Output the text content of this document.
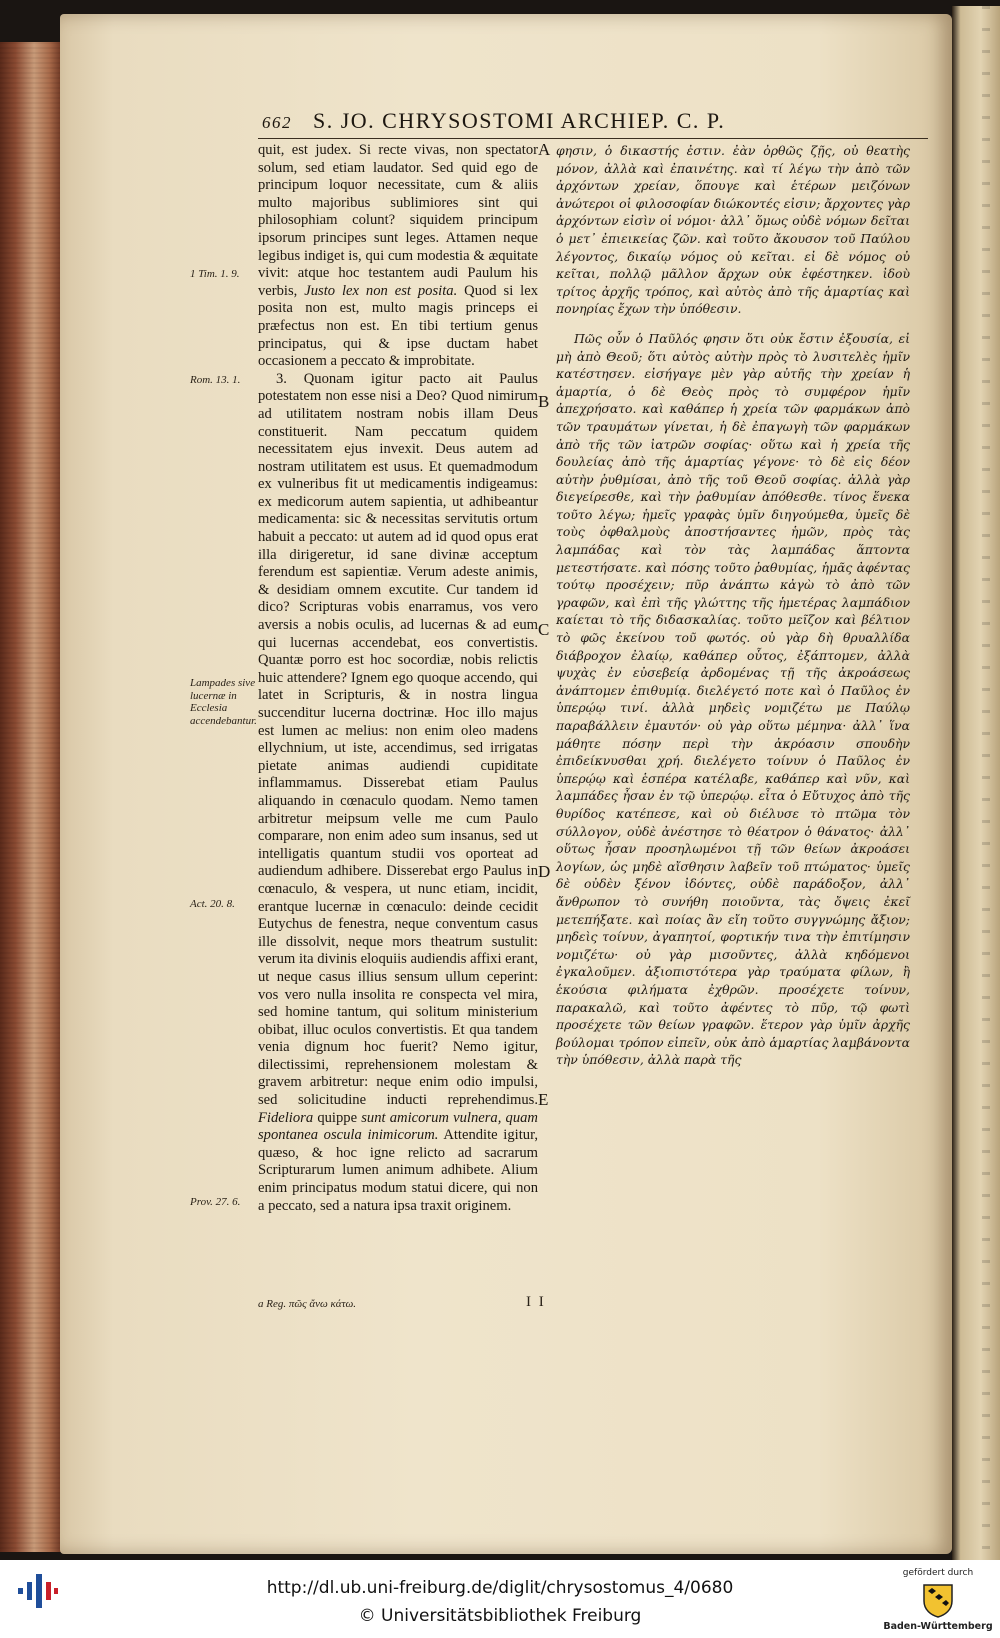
662 S. JO. CHRYSOSTOMI ARCHIEP. C. P.

quit, est judex. Si recte vivas, non spectator solum, sed etiam laudator. Sed quid ego de principum loquor necessitate, cum & aliis multo majoribus sublimiores sint qui philosophiam colunt? siquidem principum ipsorum principes sunt leges. Attamen neque legibus indiget is, qui cum modestia & æquitate vivit: atque hoc testantem audi Paulum his verbis, Justo lex non est posita. Quod si lex posita non est, multo magis princeps ei præfectus non est. En tibi tertium genus principatus, qui & ipse ductam habet occasionem a peccato & improbitate.

3. Quonam igitur pacto ait Paulus potestatem non esse nisi a Deo? Quod nimirum ad utilitatem nostram nobis illam Deus constituerit. Nam peccatum quidem necessitatem ejus invexit. Deus autem ad nostram utilitatem est usus. Et quemadmodum ex vulneribus fit ut medicamentis indigeamus: ex medicorum autem sapientia, ut adhibeantur medicamenta: sic & necessitas servitutis ortum habuit a peccato: ut autem ad id quod opus erat illa dirigeretur, id sane divinæ acceptum ferendum est sapientiæ. Verum adeste animis, & desidiam omnem excutite. Cur tandem id dico? Scripturas vobis enarramus, vos vero aversis a nobis oculis, ad lucernas & ad eum qui lucernas accendebat, eos convertistis. Quantæ porro est hoc socordiæ, nobis relictis huic attendere? Ignem ego quoque accendo, qui latet in Scripturis, & in nostra lingua succenditur lucerna doctrinæ. Hoc illo majus est lumen ac melius: non enim oleo madens ellychnium, ut iste, accendimus, sed irrigatas pietate animas audiendi cupiditate inflammamus. Disserebat etiam Paulus aliquando in cœnaculo quodam. Nemo tamen arbitretur meipsum velle me cum Paulo comparare, non enim adeo sum insanus, sed ut intelligatis quantum studii vos oporteat ad audiendum adhibere. Disserebat ergo Paulus in cœnaculo, & vespera, ut nunc etiam, incidit, erantque lucernæ in cœnaculo: deinde cecidit Eutychus de fenestra, neque conventum casus ille dissolvit, neque mors theatrum sustulit: verum ita divinis eloquiis audiendis affixi erant, ut neque casus illius sensum ullum ceperint: vos vero nulla insolita re conspecta vel mira, sed homine tantum, qui solitum ministerium obibat, illuc oculos convertistis. Et qua tandem venia dignum hoc fuerit? Nemo igitur, dilectissimi, reprehensionem molestam & gravem arbitretur: neque enim odio impulsi, sed solicitudine inducti reprehendimus. Fideliora quippe sunt amicorum vulnera, quam spontanea oscula inimicorum. Attendite igitur, quæso, & hoc igne relicto ad sacrarum Scripturarum lumen animum adhibete. Alium enim principatus modum statui dicere, qui non a peccato, sed a natura ipsa traxit originem.

φησιν, ὁ δικαστής ἐστιν. ἐὰν ὀρθῶς ζῇς, οὐ θεατὴς μόνον, ἀλλὰ καὶ ἐπαινέτης. καὶ τί λέγω τὴν ἀπὸ τῶν ἀρχόντων χρείαν, ὅπουγε καὶ ἑτέρων μειζόνων ἀνώτεροι οἱ φιλοσοφίαν διώκοντές εἰσιν; ἄρχοντες γὰρ ἀρχόντων εἰσὶν οἱ νόμοι· ἀλλ᾽ ὅμως οὐδὲ νόμων δεῖται ὁ μετ᾽ ἐπιεικείας ζῶν. καὶ τοῦτο ἄκουσον τοῦ Παύλου λέγοντος, δικαίῳ νόμος οὐ κεῖται. εἰ δὲ νόμος οὐ κεῖται, πολλῷ μᾶλλον ἄρχων οὐκ ἐφέστηκεν. ἰδοὺ τρίτος ἀρχῆς τρόπος, καὶ αὐτὸς ἀπὸ τῆς ἁμαρτίας καὶ πονηρίας ἔχων τὴν ὑπόθεσιν.

Πῶς οὖν ὁ Παῦλός φησιν ὅτι οὐκ ἔστιν ἐξουσία, εἰ μὴ ἀπὸ Θεοῦ; ὅτι αὐτὸς αὐτὴν πρὸς τὸ λυσιτελὲς ἡμῖν κατέστησεν. εἰσήγαγε μὲν γὰρ αὐτῆς τὴν χρείαν ἡ ἁμαρτία, ὁ δὲ Θεὸς πρὸς τὸ συμφέρον ἡμῖν ἀπεχρήσατο. καὶ καθάπερ ἡ χρεία τῶν φαρμάκων ἀπὸ τῶν τραυμάτων γίνεται, ἡ δὲ ἐπαγωγὴ τῶν φαρμάκων ἀπὸ τῆς τῶν ἰατρῶν σοφίας· οὕτω καὶ ἡ χρεία τῆς δουλείας ἀπὸ τῆς ἁμαρτίας γέγονε· τὸ δὲ εἰς δέον αὐτὴν ῥυθμίσαι, ἀπὸ τῆς τοῦ Θεοῦ σοφίας. ἀλλὰ γὰρ διεγείρεσθε, καὶ τὴν ῥαθυμίαν ἀπόθεσθε. τίνος ἕνεκα τοῦτο λέγω; ἡμεῖς γραφὰς ὑμῖν διηγούμεθα, ὑμεῖς δὲ τοὺς ὀφθαλμοὺς ἀποστήσαντες ἡμῶν, πρὸς τὰς λαμπάδας καὶ τὸν τὰς λαμπάδας ἅπτοντα μετεστήσατε. καὶ πόσης τοῦτο ῥαθυμίας, ἡμᾶς ἀφέντας τούτῳ προσέχειν; πῦρ ἀνάπτω κἀγὼ τὸ ἀπὸ τῶν γραφῶν, καὶ ἐπὶ τῆς γλώττης τῆς ἡμετέρας λαμπάδιον καίεται τὸ τῆς διδασκαλίας. τοῦτο μεῖζον καὶ βέλτιον τὸ φῶς ἐκείνου τοῦ φωτός. οὐ γὰρ δὴ θρυαλλίδα διάβροχον ἐλαίῳ, καθάπερ οὗτος, ἐξάπτομεν, ἀλλὰ ψυχὰς ἐν εὐσεβείᾳ ἀρδομένας τῇ τῆς ἀκροάσεως ἀνάπτομεν ἐπιθυμίᾳ. διελέγετό ποτε καὶ ὁ Παῦλος ἐν ὑπερῴῳ τινί. ἀλλὰ μηδεὶς νομιζέτω με Παύλῳ παραβάλλειν ἐμαυτόν· οὐ γὰρ οὕτω μέμηνα· ἀλλ᾽ ἵνα μάθητε πόσην περὶ τὴν ἀκρόασιν σπουδὴν ἐπιδείκνυσθαι χρή. διελέγετο τοίνυν ὁ Παῦλος ἐν ὑπερῴῳ καὶ ἑσπέρα κατέλαβε, καθάπερ καὶ νῦν, καὶ λαμπάδες ἦσαν ἐν τῷ ὑπερῴῳ. εἶτα ὁ Εὔτυχος ἀπὸ τῆς θυρίδος κατέπεσε, καὶ οὐ διέλυσε τὸ πτῶμα τὸν σύλλογον, οὐδὲ ἀνέστησε τὸ θέατρον ὁ θάνατος· ἀλλ᾽ οὕτως ἦσαν προσηλωμένοι τῇ τῶν θείων ἀκροάσει λογίων, ὡς μηδὲ αἴσθησιν λαβεῖν τοῦ πτώματος· ὑμεῖς δὲ οὐδὲν ξένον ἰδόντες, οὐδὲ παράδοξον, ἀλλ᾽ ἄνθρωπον τὸ συνήθη ποιοῦντα, τὰς ὄψεις ἐκεῖ μετεπήξατε. καὶ ποίας ἂν εἴη τοῦτο συγγνώμης ἄξιον; μηδεὶς τοίνυν, ἀγαπητοί, φορτικήν τινα τὴν ἐπιτίμησιν νομιζέτω· οὐ γὰρ μισοῦντες, ἀλλὰ κηδόμενοι ἐγκαλοῦμεν. ἀξιοπιστότερα γὰρ τραύματα φίλων, ἢ ἑκούσια φιλήματα ἐχθρῶν. προσέχετε τοίνυν, παρακαλῶ, καὶ τοῦτο ἀφέντες τὸ πῦρ, τῷ φωτὶ προσέχετε τῶν θείων γραφῶν. ἕτερον γὰρ ὑμῖν ἀρχῆς βούλομαι τρόπον εἰπεῖν, οὐκ ἀπὸ ἁμαρτίας λαμβάνοντα τὴν ὑπόθεσιν, ἀλλὰ παρὰ τῆς

1 Tim. 1. 9.
Rom. 13. 1.
Lampades sive lucernæ in Ecclesia accendebantur.
Act. 20. 8.
Prov. 27. 6.
A
B
C
D
E
a Reg. πῶς ἄνω κάτω.	I I
http://dl.ub.uni-freiburg.de/diglit/chrysostomus_4/0680
© Universitätsbibliothek Freiburg
gefördert durch
Baden-Württemberg
